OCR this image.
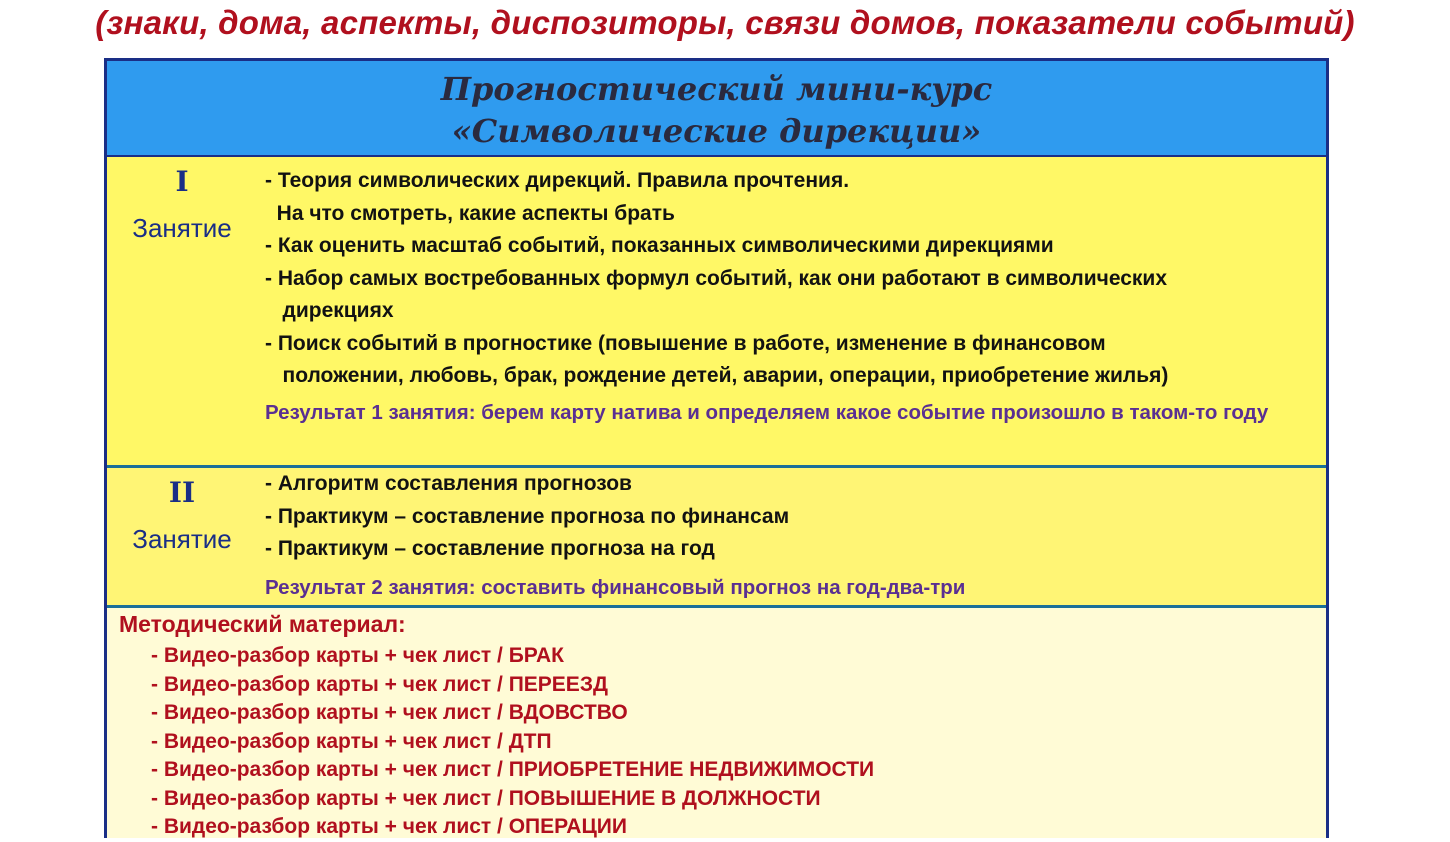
(знаки, дома, аспекты, диспозиторы, связи домов, показатели событий)
Прогностический мини-курс
«Символические дирекции»
I
Занятие
- Теория символических дирекций. Правила прочтения.
На что смотреть, какие аспекты брать
- Как оценить масштаб событий, показанных символическими дирекциями
- Набор самых востребованных формул событий, как они работают в символических
дирекциях
- Поиск событий в прогностике (повышение в работе, изменение в финансовом
положении, любовь, брак, рождение детей, аварии, операции, приобретение жилья)
Результат 1 занятия: берем карту натива и определяем какое событие произошло в таком-то году
II
Занятие
- Алгоритм составления прогнозов
- Практикум – составление прогноза по финансам
- Практикум – составление прогноза на год
Результат 2 занятия: составить финансовый прогноз на год-два-три
Методический материал:
- Видео-разбор карты + чек лист / БРАК
- Видео-разбор карты + чек лист / ПЕРЕЕЗД
- Видео-разбор карты + чек лист / ВДОВСТВО
- Видео-разбор карты + чек лист / ДТП
- Видео-разбор карты + чек лист / ПРИОБРЕТЕНИЕ НЕДВИЖИМОСТИ
- Видео-разбор карты + чек лист / ПОВЫШЕНИЕ В ДОЛЖНОСТИ
- Видео-разбор карты + чек лист / ОПЕРАЦИИ
